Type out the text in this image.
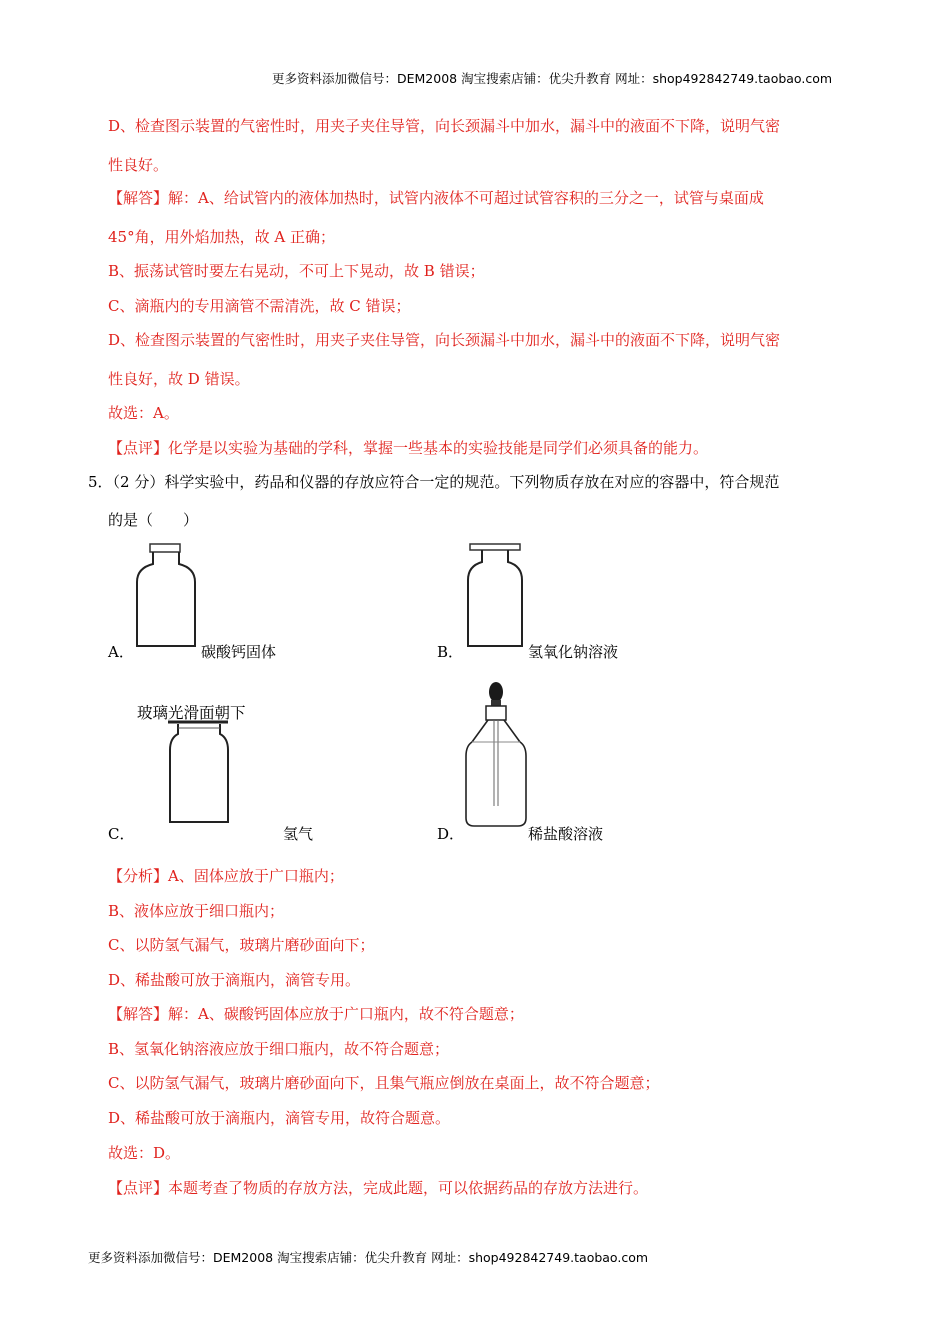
更多资料添加微信号：DEM2008 淘宝搜索店铺：优尖升教育 网址：shop492842749.taobao.com
D、检查图示装置的气密性时，用夹子夹住导管，向长颈漏斗中加水，漏斗中的液面不下降，说明气密
性良好。
【解答】解：A、给试管内的液体加热时，试管内液体不可超过试管容积的三分之一，试管与桌面成
45°角，用外焰加热，故 A 正确；
B、振荡试管时要左右晃动，不可上下晃动，故 B 错误；
C、滴瓶内的专用滴管不需清洗，故 C 错误；
D、检查图示装置的气密性时，用夹子夹住导管，向长颈漏斗中加水，漏斗中的液面不下降，说明气密
性良好，故 D 错误。
故选：A。
【点评】化学是以实验为基础的学科，掌握一些基本的实验技能是同学们必须具备的能力。
5．（2 分）科学实验中，药品和仪器的存放应符合一定的规范。下列物质存放在对应的容器中，符合规范
的是（　　）
A．	碳酸钙固体	B．	氢氧化钠溶液
玻璃光滑面朝下
C．	氢气	D．	稀盐酸溶液
【分析】A、固体应放于广口瓶内；
B、液体应放于细口瓶内；
C、以防氢气漏气，玻璃片磨砂面向下；
D、稀盐酸可放于滴瓶内，滴管专用。
【解答】解：A、碳酸钙固体应放于广口瓶内，故不符合题意；
B、氢氧化钠溶液应放于细口瓶内，故不符合题意；
C、以防氢气漏气，玻璃片磨砂面向下，且集气瓶应倒放在桌面上，故不符合题意；
D、稀盐酸可放于滴瓶内，滴管专用，故符合题意。
故选：D。
【点评】本题考查了物质的存放方法，完成此题，可以依据药品的存放方法进行。
更多资料添加微信号：DEM2008 淘宝搜索店铺：优尖升教育 网址：shop492842749.taobao.com
